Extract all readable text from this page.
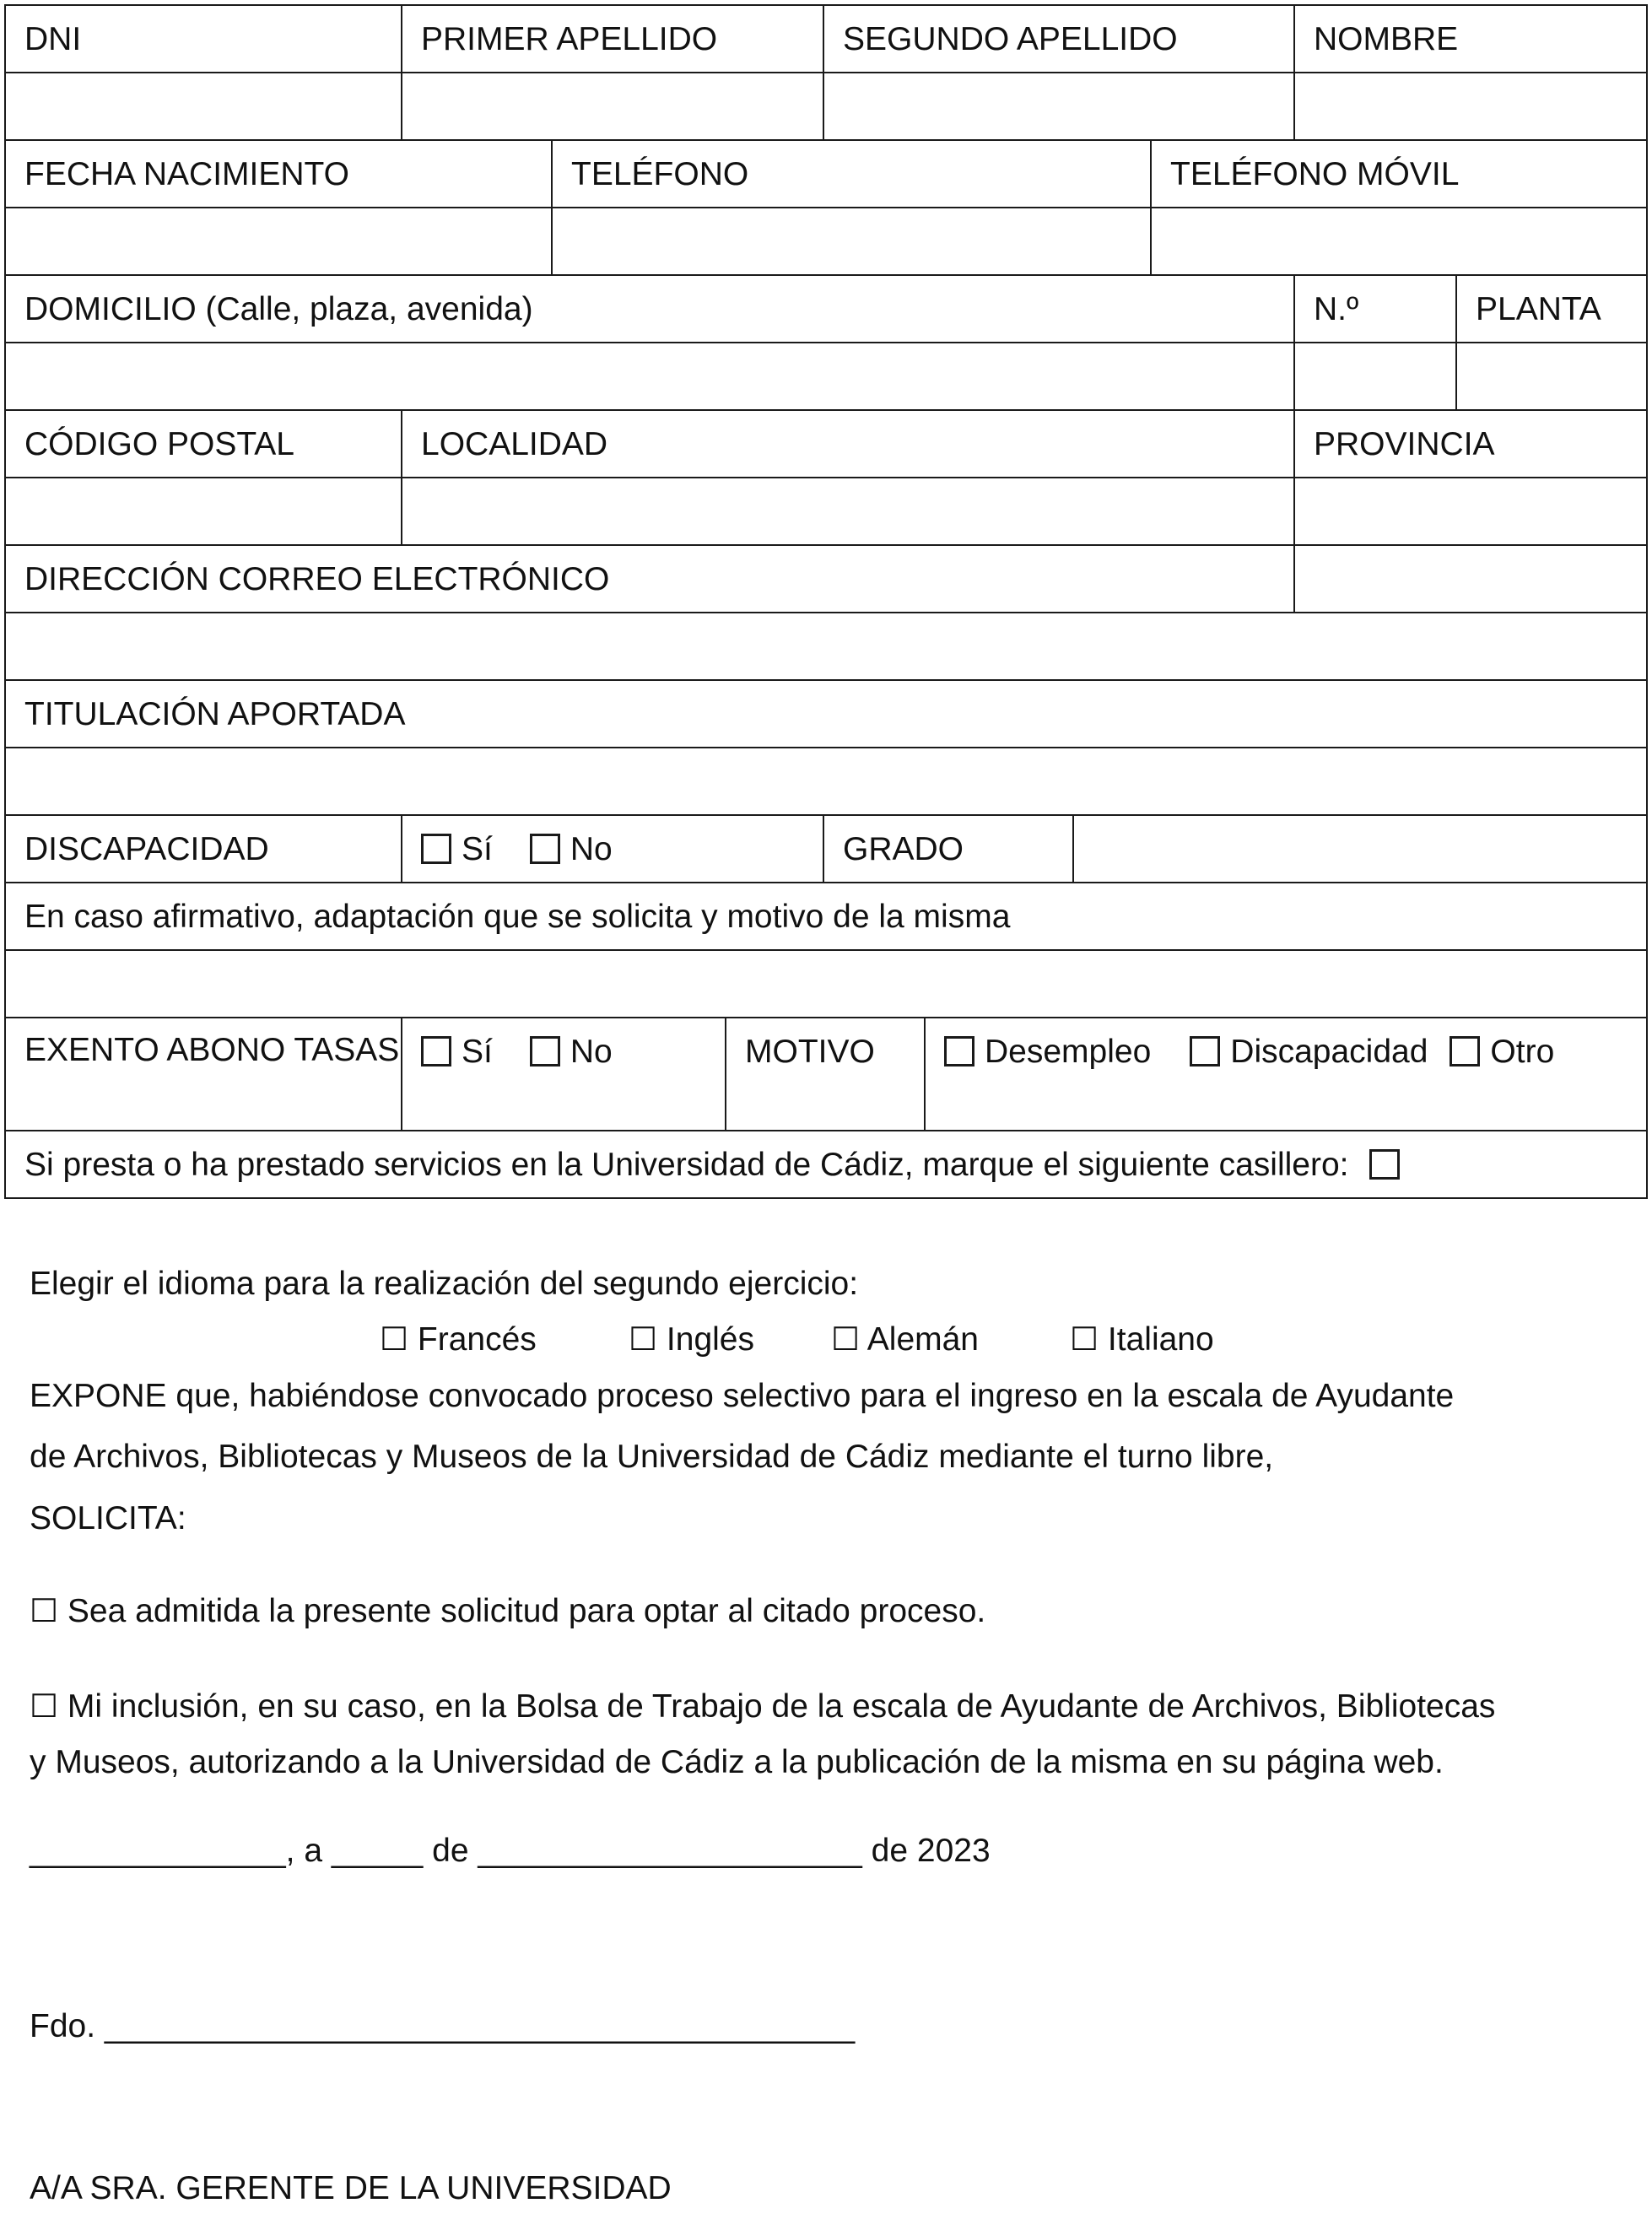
DNI	PRIMER APELLIDO	SEGUNDO APELLIDO	NOMBRE
FECHA NACIMIENTO	TELÉFONO	TELÉFONO MÓVIL
DOMICILIO (Calle, plaza, avenida)	N.º	PLANTA
CÓDIGO POSTAL	LOCALIDAD	PROVINCIA
DIRECCIÓN CORREO ELECTRÓNICO
TITULACIÓN APORTADA
DISCAPACIDAD	Sí No	GRADO
En caso afirmativo, adaptación que se solicita y motivo de la misma
EXENTO ABONO TASAS	Sí No	MOTIVO	Desempleo Discapacidad Otro
Si presta o ha prestado servicios en la Universidad de Cádiz, marque el siguiente casillero:
Elegir el idioma para la realización del segundo ejercicio:
☐ Francés	☐ Inglés ☐ Alemán	☐ Italiano
EXPONE que, habiéndose convocado proceso selectivo para el ingreso en la escala de Ayudante
de Archivos, Bibliotecas y Museos de la Universidad de Cádiz mediante el turno libre,
SOLICITA:
☐ Sea admitida la presente solicitud para optar al citado proceso.
☐ Mi inclusión, en su caso, en la Bolsa de Trabajo de la escala de Ayudante de Archivos, Bibliotecas
y Museos, autorizando a la Universidad de Cádiz a la publicación de la misma en su página web.
______________, a _____ de _____________________ de 2023
Fdo. _________________________________________
A/A SRA. GERENTE DE LA UNIVERSIDAD
